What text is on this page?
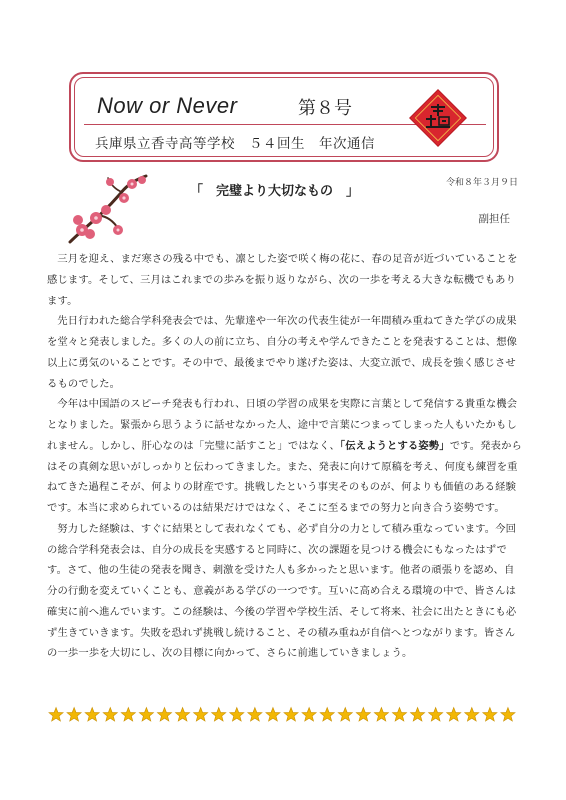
Now or Never	第８号
兵庫県立香寺高等学校　５４回生　年次通信
令和８年３月９日
「　完璧より大切なもの　」
副担任

三月を迎え、まだ寒さの残る中でも、凛とした姿で咲く梅の花に、春の足音が近づいていることを感じます。そして、三月はこれまでの歩みを振り返りながら、次の一歩を考える大きな転機でもあります。

先日行われた総合学科発表会では、先輩達や一年次の代表生徒が一年間積み重ねてきた学びの成果を堂々と発表しました。多くの人の前に立ち、自分の考えや学んできたことを発表することは、想像以上に勇気のいることです。その中で、最後までやり遂げた姿は、大変立派で、成長を強く感じさせるものでした。

今年は中国語のスピーチ発表も行われ、日頃の学習の成果を実際に言葉として発信する貴重な機会となりました。緊張から思うように話せなかった人、途中で言葉につまってしまった人もいたかもしれません。しかし、肝心なのは「完璧に話すこと」ではなく、「伝えようとする姿勢」です。発表からはその真剣な思いがしっかりと伝わってきました。また、発表に向けて原稿を考え、何度も練習を重ねてきた過程こそが、何よりの財産です。挑戦したという事実そのものが、何よりも価値のある経験です。本当に求められているのは結果だけではなく、そこに至るまでの努力と向き合う姿勢です。

努力した経験は、すぐに結果として表れなくても、必ず自分の力として積み重なっています。今回の総合学科発表会は、自分の成長を実感すると同時に、次の課題を見つける機会にもなったはずです。さて、他の生徒の発表を聞き、刺激を受けた人も多かったと思います。他者の頑張りを認め、自分の行動を変えていくことも、意義がある学びの一つです。互いに高め合える環境の中で、皆さんは確実に前へ進んでいます。この経験は、今後の学習や学校生活、そして将来、社会に出たときにも必ず生きていきます。失敗を恐れず挑戦し続けること、その積み重ねが自信へとつながります。皆さんの一歩一歩を大切にし、次の目標に向かって、さらに前進していきましょう。
